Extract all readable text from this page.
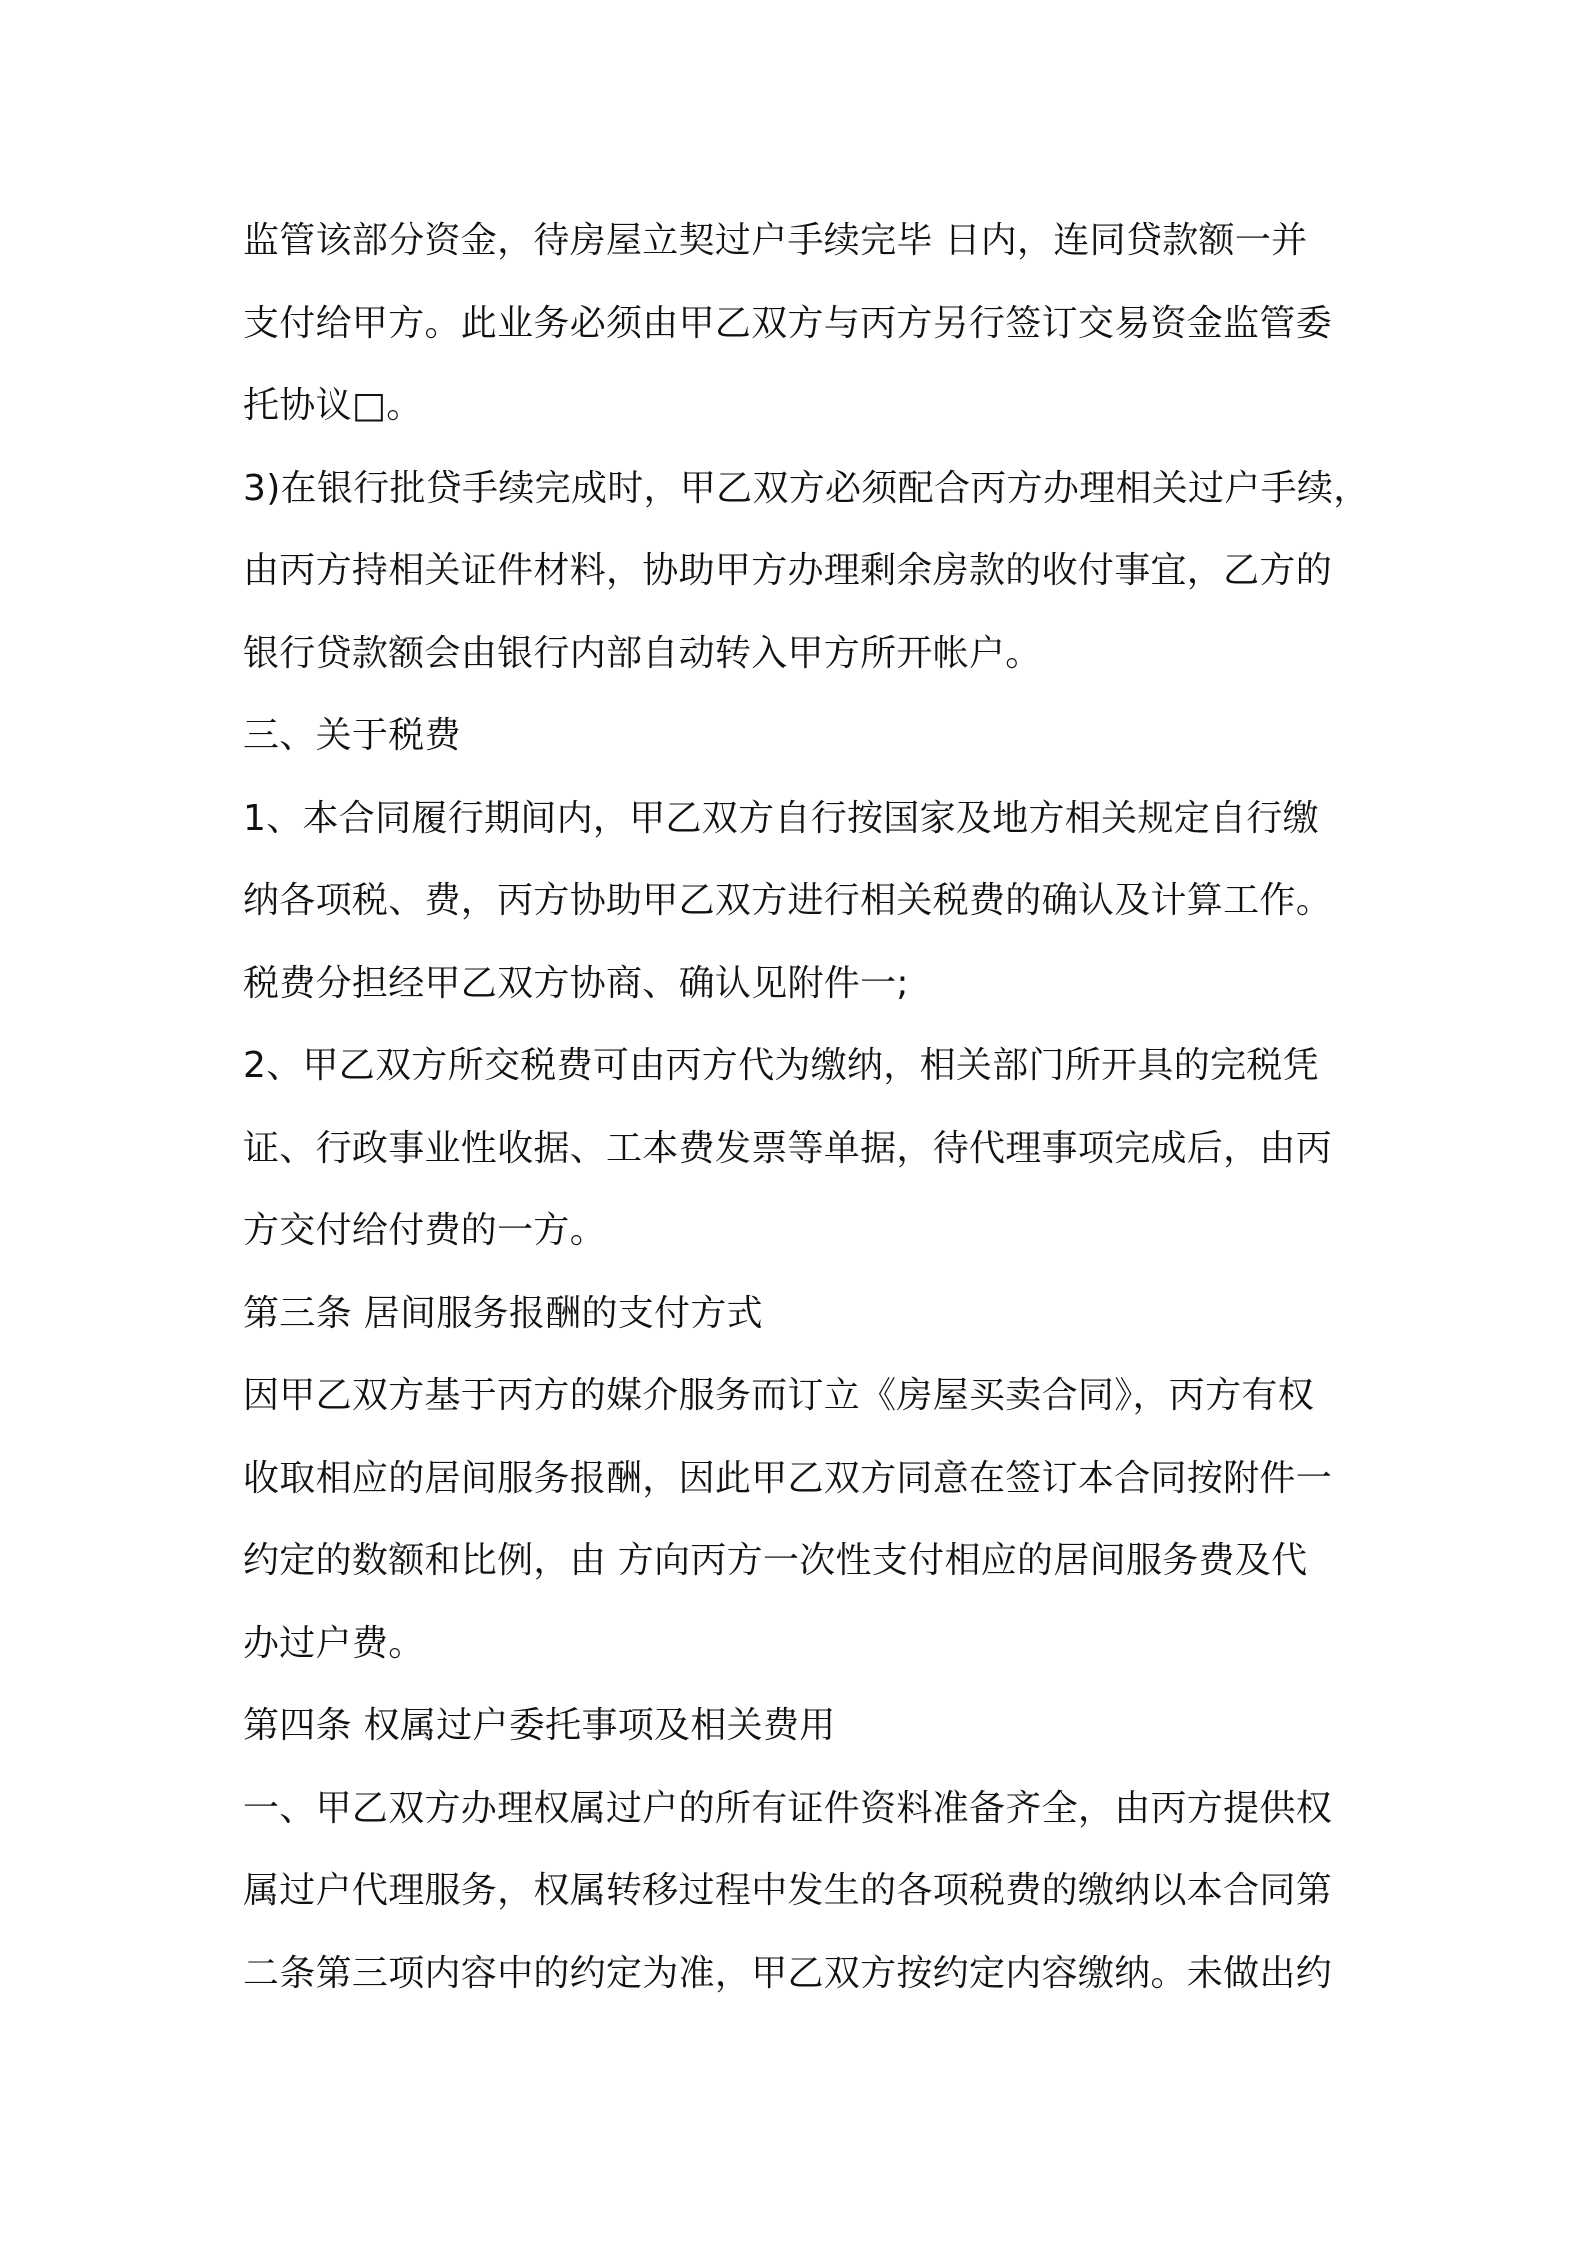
监管该部分资金，待房屋立契过户手续完毕 日内，连同贷款额一并
支付给甲方。此业务必须由甲乙双方与丙方另行签订交易资金监管委
托协议□。
3)在银行批贷手续完成时，甲乙双方必须配合丙方办理相关过户手续，
由丙方持相关证件材料，协助甲方办理剩余房款的收付事宜，乙方的
银行贷款额会由银行内部自动转入甲方所开帐户。
三、关于税费
1、本合同履行期间内，甲乙双方自行按国家及地方相关规定自行缴
纳各项税、费，丙方协助甲乙双方进行相关税费的确认及计算工作。
税费分担经甲乙双方协商、确认见附件一;
2、甲乙双方所交税费可由丙方代为缴纳，相关部门所开具的完税凭
证、行政事业性收据、工本费发票等单据，待代理事项完成后，由丙
方交付给付费的一方。
第三条 居间服务报酬的支付方式
因甲乙双方基于丙方的媒介服务而订立《房屋买卖合同》，丙方有权
收取相应的居间服务报酬，因此甲乙双方同意在签订本合同按附件一
约定的数额和比例，由 方向丙方一次性支付相应的居间服务费及代
办过户费。
第四条 权属过户委托事项及相关费用
一、甲乙双方办理权属过户的所有证件资料准备齐全，由丙方提供权
属过户代理服务，权属转移过程中发生的各项税费的缴纳以本合同第
二条第三项内容中的约定为准，甲乙双方按约定内容缴纳。未做出约
